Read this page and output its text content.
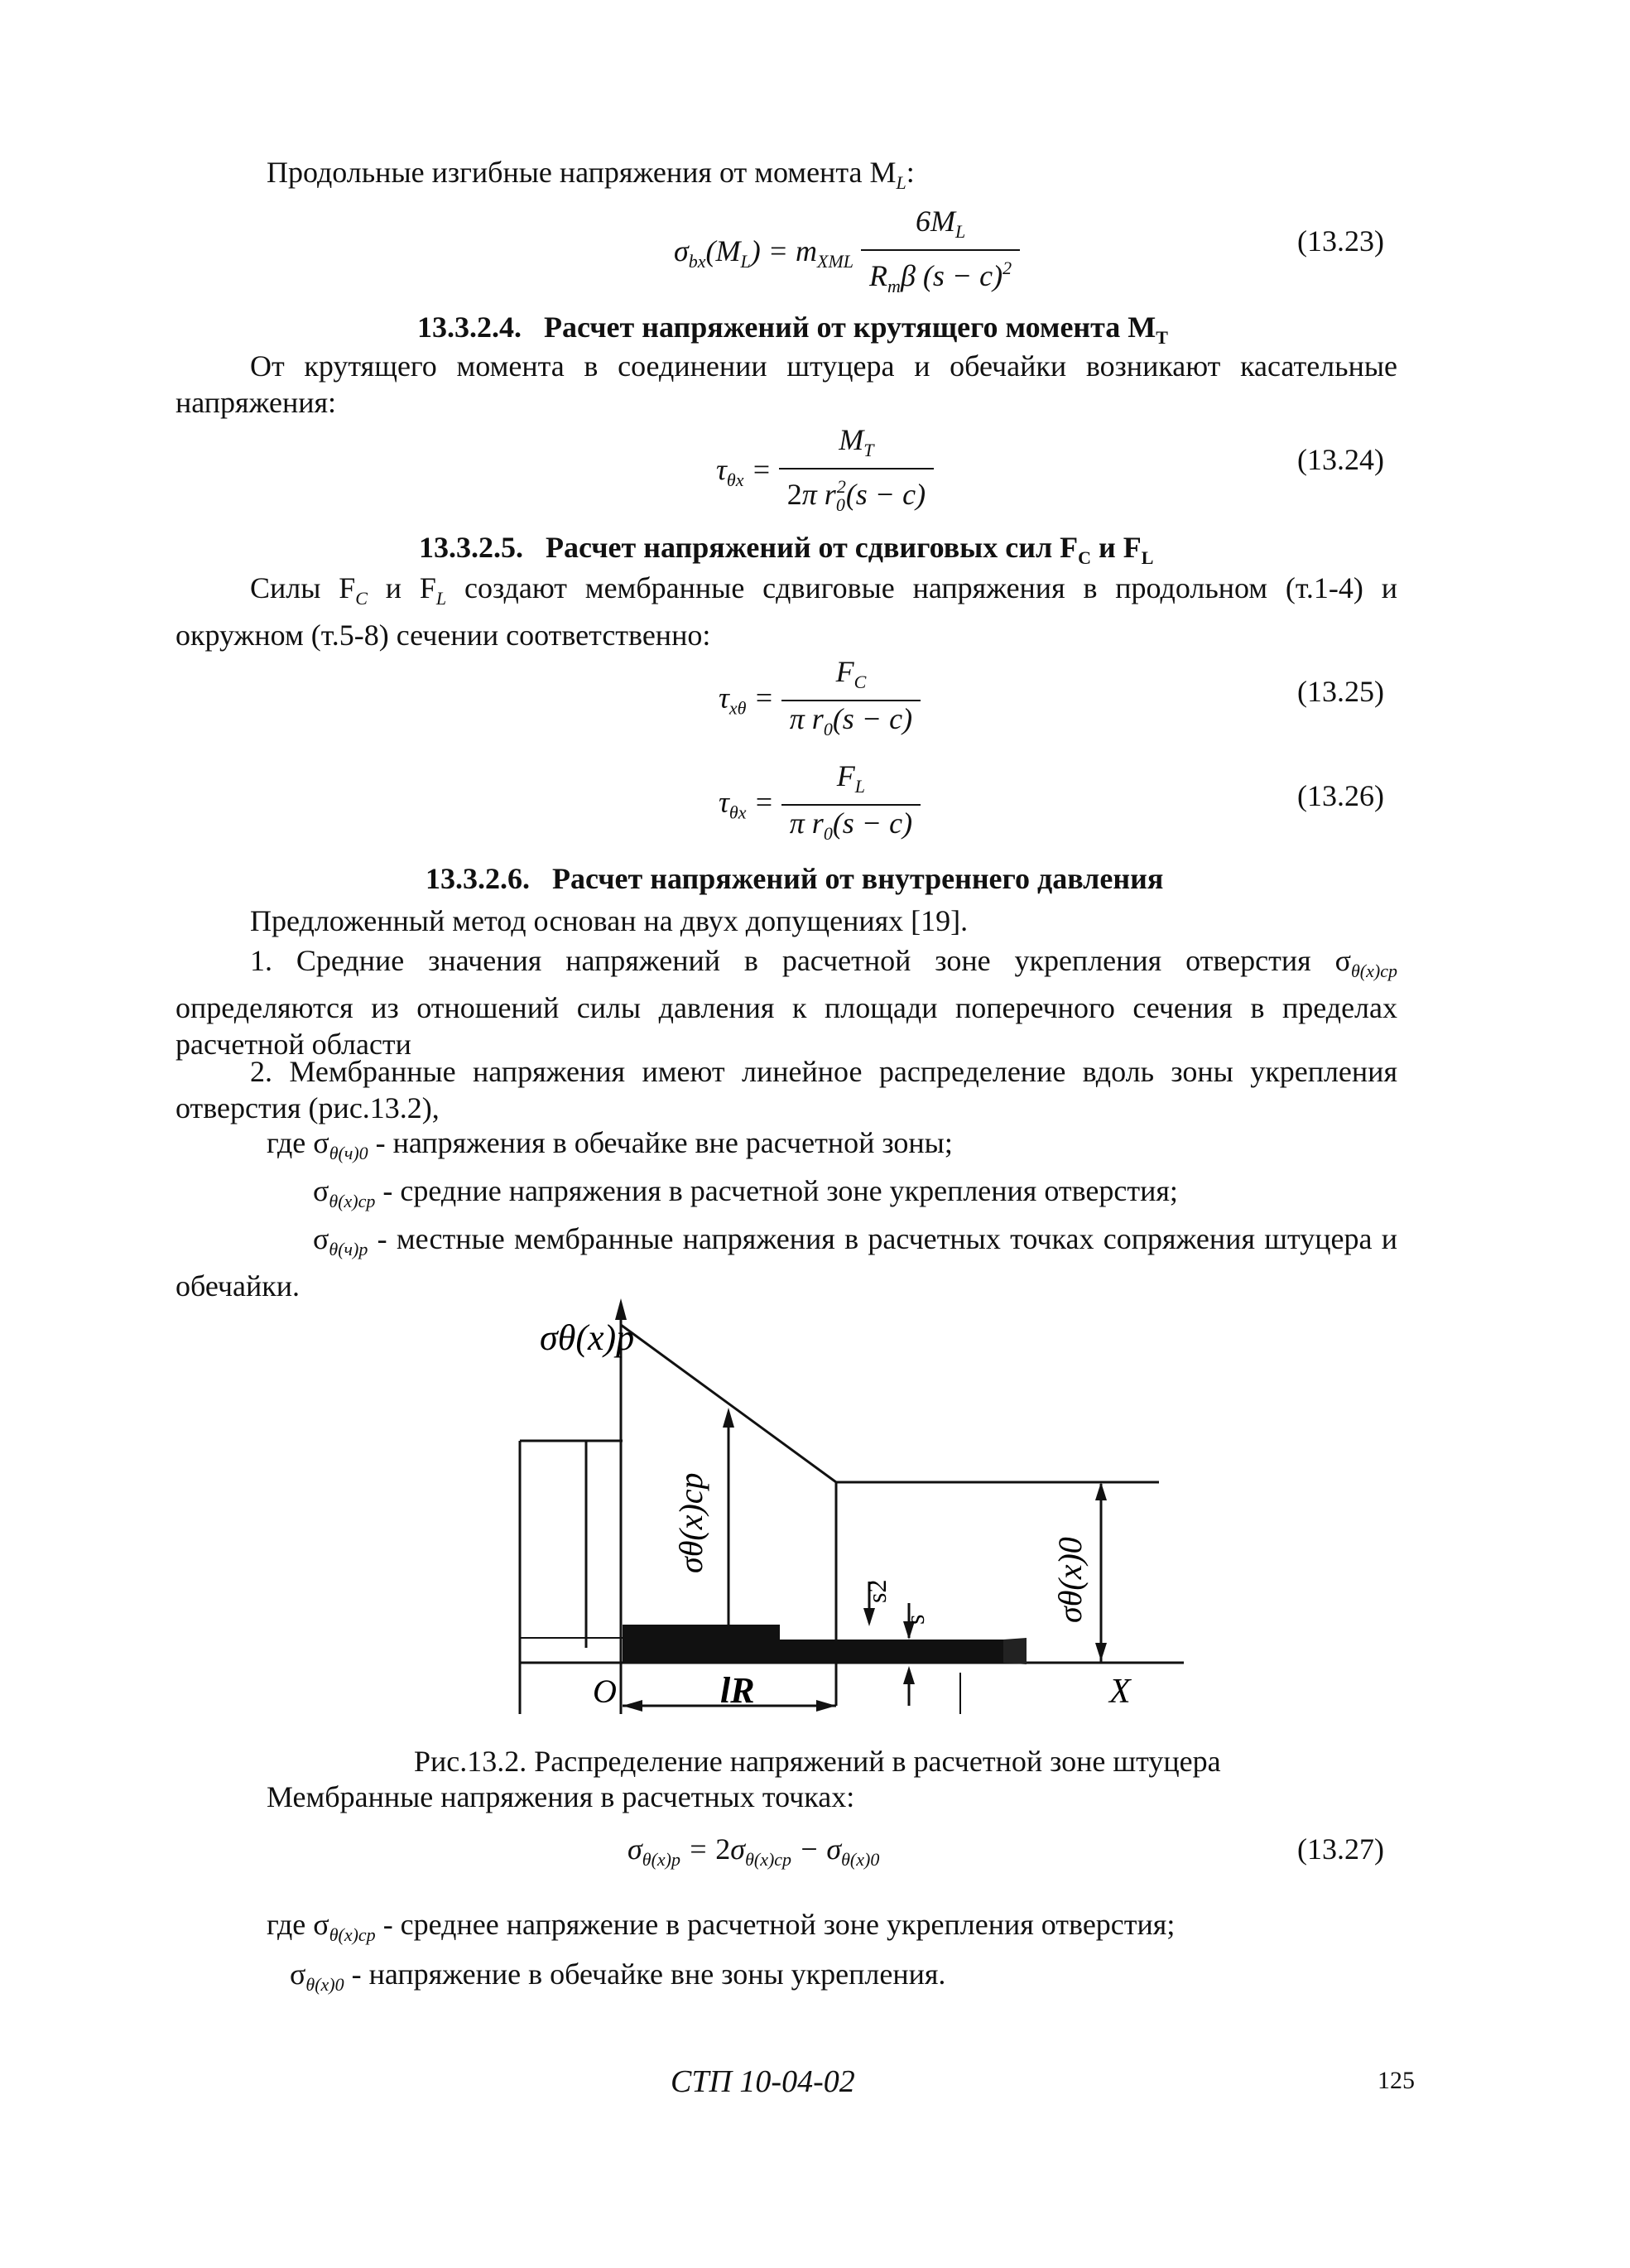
Продольные изгибные напряжения от момента $M_L$:
$\sigma_{bx}(M_L) = m_{XML} \frac{6M_L}{R_m\beta (s - c)^2}$	(13.23)
13.3.2.4. Расчет напряжений от крутящего момента $M_T$
От крутящего момента в соединении штуцера и обечайки возникают касательные напряжения:
$\tau_{\theta x} = \frac{M_T}{2\pi r_0^2(s - c)}$	(13.24)
13.3.2.5. Расчет напряжений от сдвиговых сил $F_C$ и $F_L$
Силы $F_C$ и $F_L$ создают мембранные сдвиговые напряжения в продольном (т.1-4) и окружном (т.5-8) сечении соответственно:
$\tau_{x\theta} = \frac{F_C}{\pi r_0(s - c)}$	(13.25)
$\tau_{\theta x} = \frac{F_L}{\pi r_0(s - c)}$	(13.26)
13.3.2.6. Расчет напряжений от внутреннего давления
Предложенный метод основан на двух допущениях [19].
1. Средние значения напряжений в расчетной зоне укрепления отверстия $\sigma_{\theta(x)ср}$ определяются из отношений силы давления к площади поперечного сечения в пределах расчетной области
2. Мембранные напряжения имеют линейное распределение вдоль зоны укрепления отверстия (рис.13.2),
где $\sigma_{\theta(ч)0}$ - напряжения в обечайке вне расчетной зоны;
$\sigma_{\theta(x)ср}$ - средние напряжения в расчетной зоне укрепления отверстия;
$\sigma_{\theta(ч)p}$ - местные мембранные напряжения в расчетных точках сопряжения штуцера и обечайки.
σθ(x)p
σθ(x)ср
σθ(x)0
s2
s
O	lR	X
Рис.13.2. Распределение напряжений в расчетной зоне штуцера
Мембранные напряжения в расчетных точках:
$\sigma_{\theta(x)p} = 2\sigma_{\theta(x)ср} - \sigma_{\theta(x)0}$	(13.27)
где $\sigma_{\theta(x)ср}$ - среднее напряжение в расчетной зоне укрепления отверстия;
$\sigma_{\theta(x)0}$ - напряжение в обечайке вне зоны укрепления.
СТП 10-04-02	125
